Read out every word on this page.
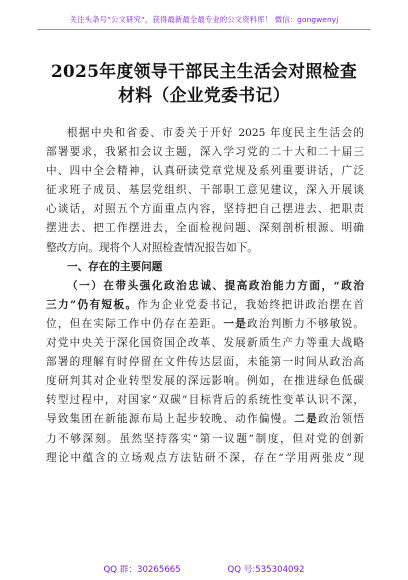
关注头条号“公文研究”，获得最新最全最专业的公文资料库！ 微信：gongwenyj
2025年度领导干部民主生活会对照检查
材料（企业党委书记）

根据中央和省委、市委关于开好 2025 年度民主生活会的

部署要求，我紧扣会议主题，深入学习党的二十大和二十届三

中、四中全会精神，认真研读党章党规及系列重要讲话，广泛

征求班子成员、基层党组织、干部职工意见建议，深入开展谈

心谈话，对照五个方面重点内容，坚持把自己摆进去、把职责

摆进去、把工作摆进去，全面检视问题、深刻剖析根源、明确

整改方向。现将个人对照检查情况报告如下。

一、存在的主要问题

（一）在带头强化政治忠诚、提高政治能力方面，“政治

三力”仍有短板。作为企业党委书记，我始终把讲政治摆在首

位，但在实际工作中仍存在差距。一是政治判断力不够敏锐。

对党中央关于深化国资国企改革、发展新质生产力等重大战略

部署的理解有时停留在文件传达层面，未能第一时间从政治高

度研判其对企业转型发展的深远影响。例如，在推进绿色低碳

转型过程中，对国家“双碳”目标背后的系统性变革认识不深，

导致集团在新能源布局上起步较晚、动作偏慢。二是政治领悟

力不够深刻。虽然坚持落实“第一议题”制度，但对党的创新

理论中蕴含的立场观点方法钻研不深，存在“学用两张皮”现

QQ 群：30265665	QQ 号:535304092
